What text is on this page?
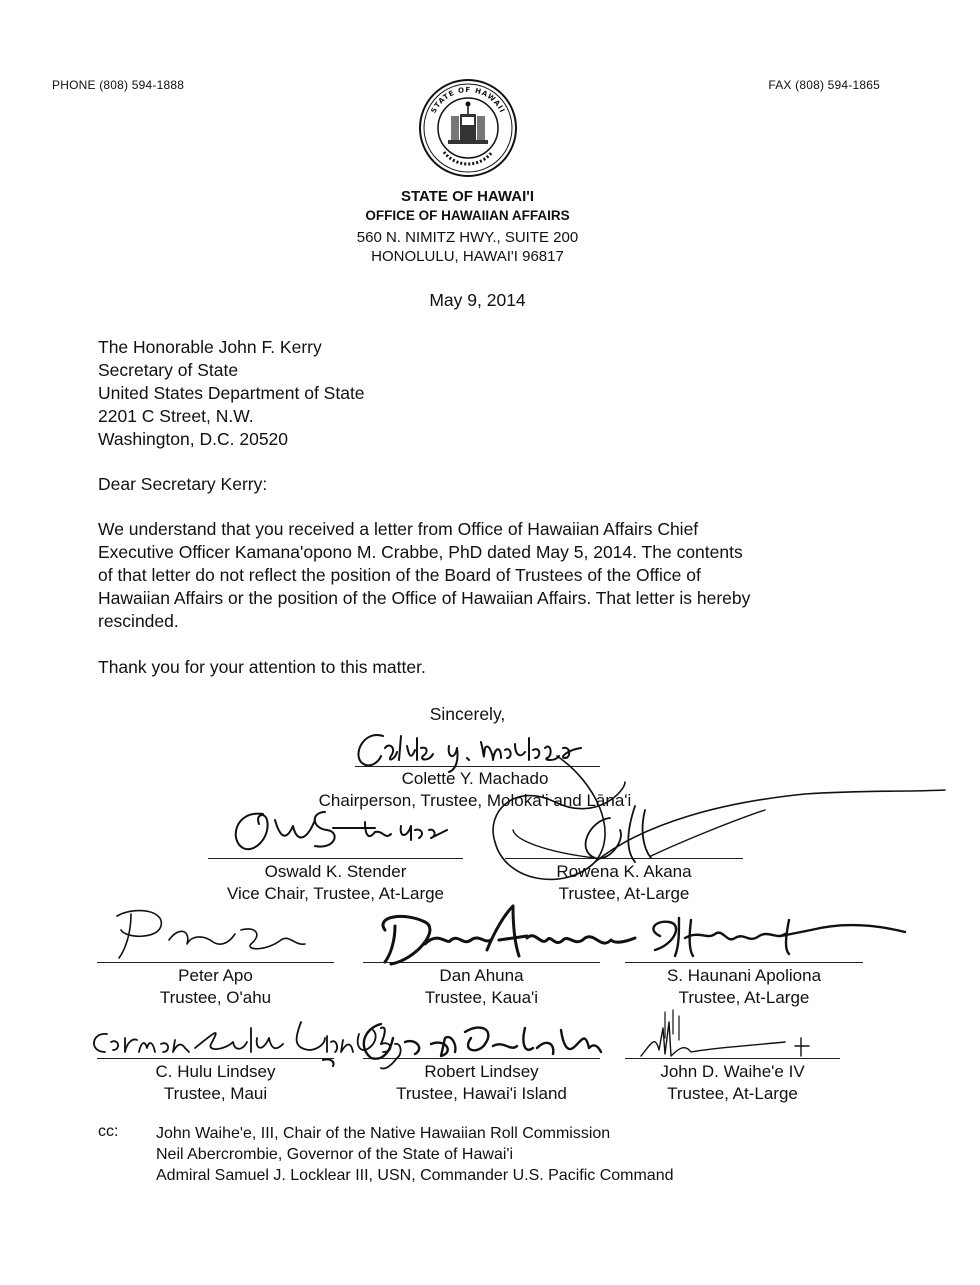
PHONE (808) 594-1888	FAX (808) 594-1865
STATE OF HAWAII
STATE OF HAWAI'I
OFFICE OF HAWAIIAN AFFAIRS
560 N. NIMITZ HWY., SUITE 200
HONOLULU, HAWAI'I 96817
May 9, 2014
The Honorable John F. Kerry
Secretary of State
United States Department of State
2201 C Street, N.W.
Washington, D.C. 20520
Dear Secretary Kerry:
We understand that you received a letter from Office of Hawaiian Affairs Chief
Executive Officer Kamana'opono M. Crabbe, PhD dated May 5, 2014. The contents
of that letter do not reflect the position of the Board of Trustees of the Office of
Hawaiian Affairs or the position of the Office of Hawaiian Affairs. That letter is hereby
rescinded.
Thank you for your attention to this matter.
Sincerely,
Colette Y. Machado
Chairperson, Trustee, Moloka'i and Lāna'i
Oswald K. Stender
Vice Chair, Trustee, At-Large
Rowena K. Akana
Trustee, At-Large
Peter Apo
Trustee, O'ahu
Dan Ahuna
Trustee, Kaua'i
S. Haunani Apoliona
Trustee, At-Large
C. Hulu Lindsey
Trustee, Maui
Robert Lindsey
Trustee, Hawai'i Island
John D. Waihe'e IV
Trustee, At-Large
cc: John Waihe'e, III, Chair of the Native Hawaiian Roll Commission
Neil Abercrombie, Governor of the State of Hawai'i
Admiral Samuel J. Locklear III, USN, Commander U.S. Pacific Command
